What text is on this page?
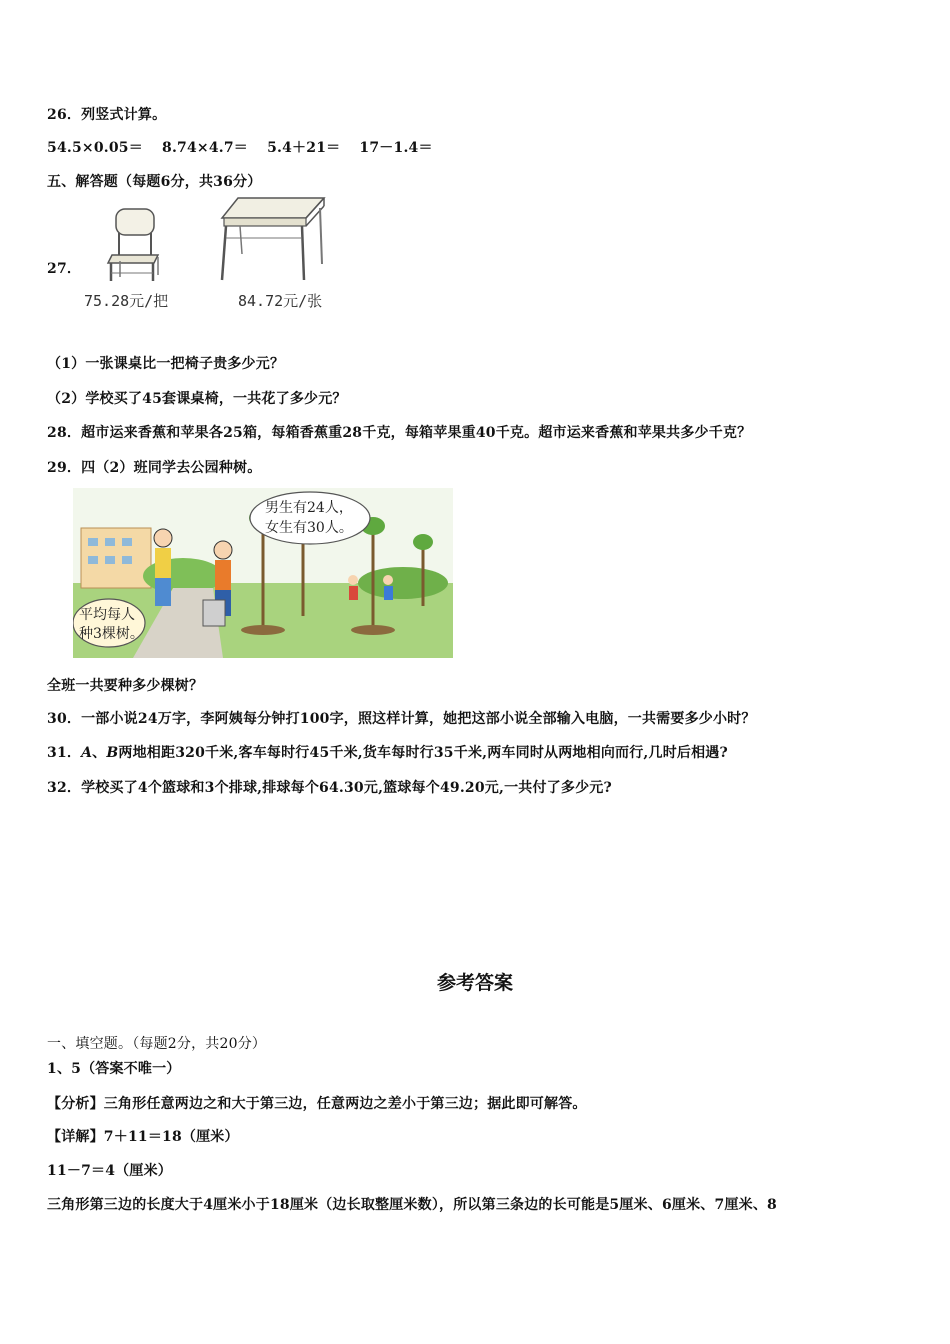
26．列竖式计算。
54.5×0.05＝ 8.74×4.7＝ 5.4＋21＝ 17－1.4＝
五、解答题（每题6分，共36分）
27．
75.28元/把	84.72元/张
（1）一张课桌比一把椅子贵多少元？
（2）学校买了45套课桌椅，一共花了多少元？
28．超市运来香蕉和苹果各25箱，每箱香蕉重28千克，每箱苹果重40千克。超市运来香蕉和苹果共多少千克？
29．四（2）班同学去公园种树。
男生有24人，
女生有30人。
平均每人
种3棵树。
全班一共要种多少棵树？
30．一部小说24万字，李阿姨每分钟打100字，照这样计算，她把这部小说全部输入电脑，一共需要多少小时？
31．A、B两地相距320千米,客车每时行45千米,货车每时行35千米,两车同时从两地相向而行,几时后相遇?
32．学校买了4个篮球和3个排球,排球每个64.30元,篮球每个49.20元,一共付了多少元?
参考答案
一、填空题。（每题2分，共20分）
1、5（答案不唯一）
【分析】三角形任意两边之和大于第三边，任意两边之差小于第三边；据此即可解答。
【详解】7＋11＝18（厘米）
11－7＝4（厘米）
三角形第三边的长度大于4厘米小于18厘米（边长取整厘米数），所以第三条边的长可能是5厘米、6厘米、7厘米、8
